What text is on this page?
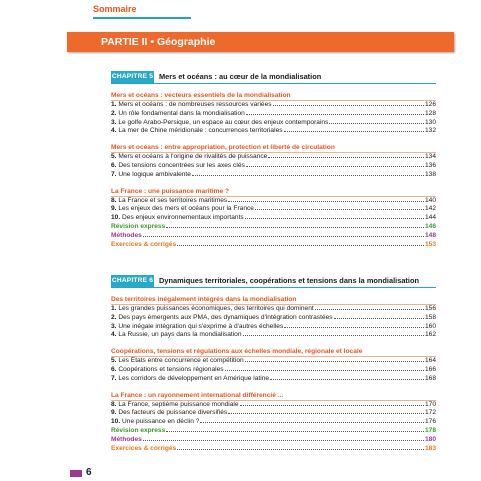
Sommaire
PARTIE II • Géographie
CHAPITRE 5 Mers et océans : au cœur de la mondialisation
Mers et océans : vecteurs essentiels de la mondialisation
1. Mers et océans : de nombreuses ressources variées	126
2. Un rôle fondamental dans la mondialisation	128
3. Le golfe Arabo-Persique, un espace au cœur des enjeux contemporains	130
4. La mer de Chine méridionale : concurrences territoriales	132
Mers et océans : entre appropriation, protection et liberté de circulation
5. Mers et océans à l'origine de rivalités de puissance	134
6. Des tensions concentrées sur les axes clés	136
7. Une logique ambivalente	138
La France : une puissance maritime ?
8. La France et ses territoires maritimes	140
9. Les enjeux des mers et océans pour la France	142
10. Des enjeux environnementaux importants	144
Révision express	146
Méthodes	148
Exercices & corrigés	153
CHAPITRE 6 Dynamiques territoriales, coopérations et tensions dans la mondialisation
Des territoires inégalement intégrés dans la mondialisation
1. Les grandes puissances économiques, des territoires qui dominent	156
2. Des pays émergents aux PMA, des dynamiques d'intégration contrastées	158
3. Une inégale intégration qui s'exprime à d'autres échelles	160
4. La Russie, un pays dans la mondialisation	162
Coopérations, tensions et régulations aux échelles mondiale, régionale et locale
5. Les États entre concurrence et compétition	164
6. Coopérations et tensions régionales	166
7. Les corridors de développement en Amérique latine	168
La France : un rayonnement international différencié ...
8. La France, septième puissance mondiale	170
9. Des facteurs de puissance diversifiés	172
10. Une puissance en déclin ?	176
Révision express	178
Méthodes	180
Exercices & corrigés	183
6
